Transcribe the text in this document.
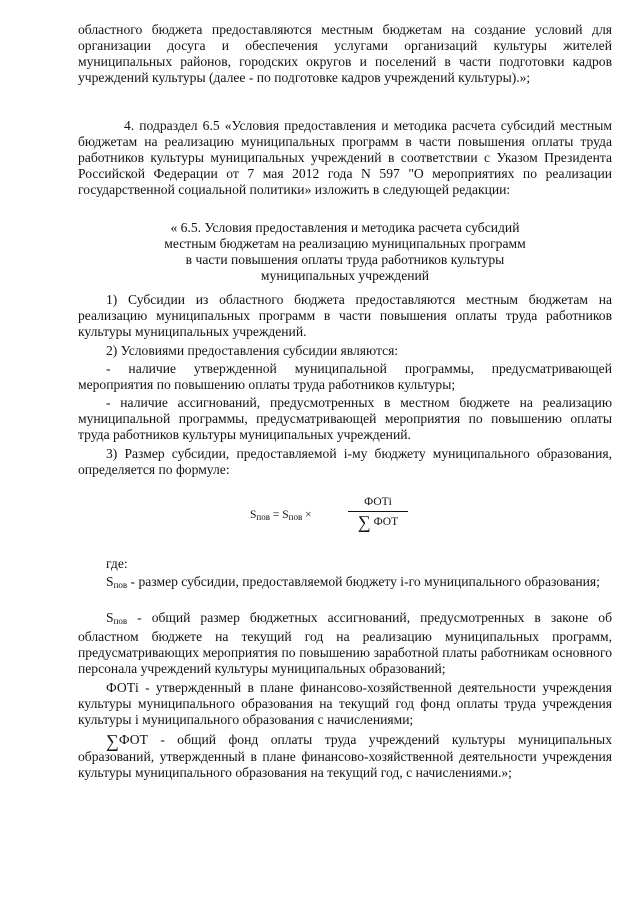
областного бюджета предоставляются местным бюджетам на создание условий для организации досуга и обеспечения услугами организаций культуры жителей муниципальных районов, городских округов и поселений в части подготовки кадров учреждений культуры (далее - по подготовке кадров учреждений культуры).»;

4. подраздел 6.5 «Условия предоставления и методика расчета субсидий местным бюджетам на реализацию муниципальных программ в части повышения оплаты труда работников культуры муниципальных учреждений в соответствии с Указом Президента Российской Федерации от 7 мая 2012 года N 597 "О мероприятиях по реализации государственной социальной политики» изложить в следующей редакции:

« 6.5. Условия предоставления и методика расчета субсидий
местным бюджетам на реализацию муниципальных программ
в части повышения оплаты труда работников культуры
муниципальных учреждений

1) Субсидии из областного бюджета предоставляются местным бюджетам на реализацию муниципальных программ в части повышения оплаты труда работников культуры муниципальных учреждений.

2) Условиями предоставления субсидии являются:

- наличие утвержденной муниципальной программы, предусматривающей мероприятия по повышению оплаты труда работников культуры;

- наличие ассигнований, предусмотренных в местном бюджете на реализацию муниципальной программы, предусматривающей мероприятия по повышению оплаты труда работников культуры муниципальных учреждений.

3) Размер субсидии, предоставляемой i-му бюджету муниципального образования, определяется по формуле:

Sпов = Sпов ×
ФОТi
∑ ФОТ

где:

Sпов - размер субсидии, предоставляемой бюджету i-го муниципального образования;

Sпов - общий размер бюджетных ассигнований, предусмотренных в законе об областном бюджете на текущий год на реализацию муниципальных программ, предусматривающих мероприятия по повышению заработной платы работникам основного персонала учреждений культуры муниципальных образований;

ФОТi - утвержденный в плане финансово-хозяйственной деятельности учреждения культуры муниципального образования на текущий год фонд оплаты труда учреждения культуры i муниципального образования с начислениями;

∑ФОТ - общий фонд оплаты труда учреждений культуры муниципальных образований, утвержденный в плане финансово-хозяйственной деятельности учреждения культуры муниципального образования на текущий год, с начислениями.»;
